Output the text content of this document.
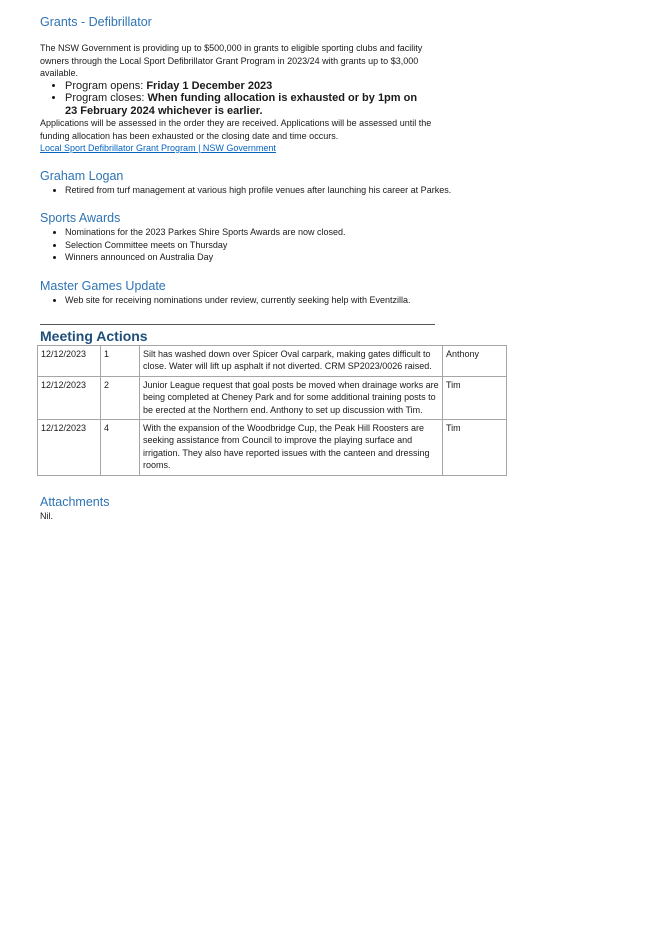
Grants - Defibrillator

The NSW Government is providing up to $500,000 in grants to eligible sporting clubs and facility owners through the Local Sport Defibrillator Grant Program in 2023/24 with grants up to $3,000 available.

• Program opens: Friday 1 December 2023
• Program closes: When funding allocation is exhausted or by 1pm on 23 February 2024 whichever is earlier.

Applications will be assessed in the order they are received. Applications will be assessed until the funding allocation has been exhausted or the closing date and time occurs.

Local Sport Defibrillator Grant Program | NSW Government
Graham Logan
• Retired from turf management at various high profile venues after launching his career at Parkes.
Sports Awards
• Nominations for the 2023 Parkes Shire Sports Awards are now closed.
• Selection Committee meets on Thursday
• Winners announced on Australia Day
Master Games Update
• Web site for receiving nominations under review, currently seeking help with Eventzilla.
Meeting Actions
12/12/2023	1	Silt has washed down over Spicer Oval carpark, making gates difficult to close. Water will lift up asphalt if not diverted. CRM SP2023/0026 raised.	Anthony
12/12/2023	2	Junior League request that goal posts be moved when drainage works are being completed at Cheney Park and for some additional training posts to be erected at the Northern end. Anthony to set up discussion with Tim.	Tim
12/12/2023	4	With the expansion of the Woodbridge Cup, the Peak Hill Roosters are seeking assistance from Council to improve the playing surface and irrigation. They also have reported issues with the canteen and dressing rooms.	Tim
Attachments

Nil.
